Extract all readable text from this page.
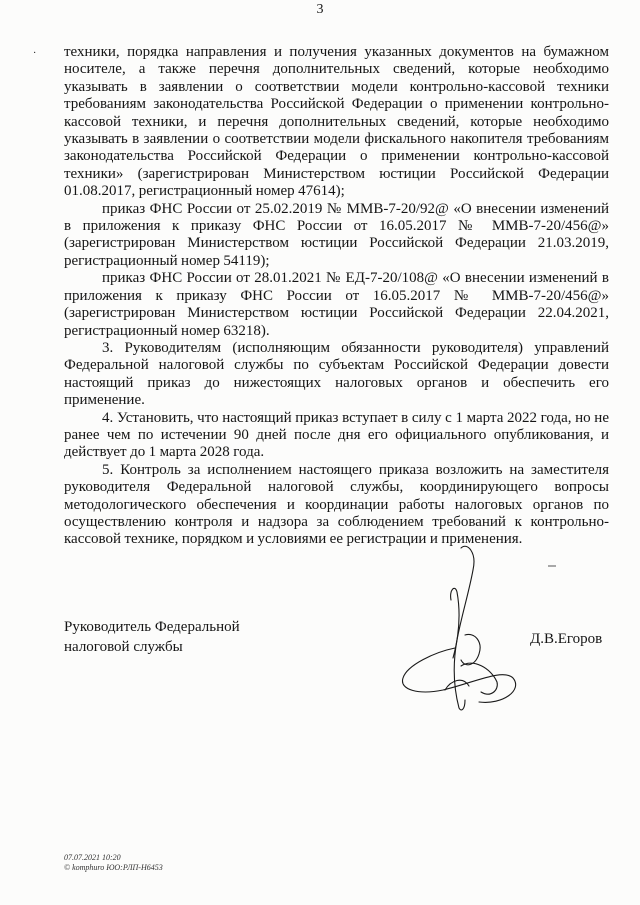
3
· техники, порядка направления и получения указанных документов на бумажном носителе, а также перечня дополнительных сведений, которые необходимо указывать в заявлении о соответствии модели контрольно-кассовой техники требованиям законодательства Российской Федерации о применении контрольно-кассовой техники, и перечня дополнительных сведений, которые необходимо указывать в заявлении о соответствии модели фискального накопителя требованиям законодательства Российской Федерации о применении контрольно-кассовой техники» (зарегистрирован Министерством юстиции Российской Федерации 01.08.2017, регистрационный номер 47614);

приказ ФНС России от 25.02.2019 № ММВ-7-20/92@ «О внесении изменений в приложения к приказу ФНС России от 16.05.2017 № ММВ-7-20/456@» (зарегистрирован Министерством юстиции Российской Федерации 21.03.2019, регистрационный номер 54119);

приказ ФНС России от 28.01.2021 № ЕД-7-20/108@ «О внесении изменений в приложения к приказу ФНС России от 16.05.2017 № ММВ-7-20/456@» (зарегистрирован Министерством юстиции Российской Федерации 22.04.2021, регистрационный номер 63218).

3. Руководителям (исполняющим обязанности руководителя) управлений Федеральной налоговой службы по субъектам Российской Федерации довести настоящий приказ до нижестоящих налоговых органов и обеспечить его применение.

4. Установить, что настоящий приказ вступает в силу с 1 марта 2022 года, но не ранее чем по истечении 90 дней после дня его официального опубликования, и действует до 1 марта 2028 года.

5. Контроль за исполнением настоящего приказа возложить на заместителя руководителя Федеральной налоговой службы, координирующего вопросы методологического обеспечения и координации работы налоговых органов по осуществлению контроля и надзора за соблюдением требований к контрольно-кассовой технике, порядком и условиями ее регистрации и применения.

Руководитель Федеральной
налоговой службы	Д.В.Егоров
07.07.2021 10:20
© komphuro ЮО:РЛП-Н6453
